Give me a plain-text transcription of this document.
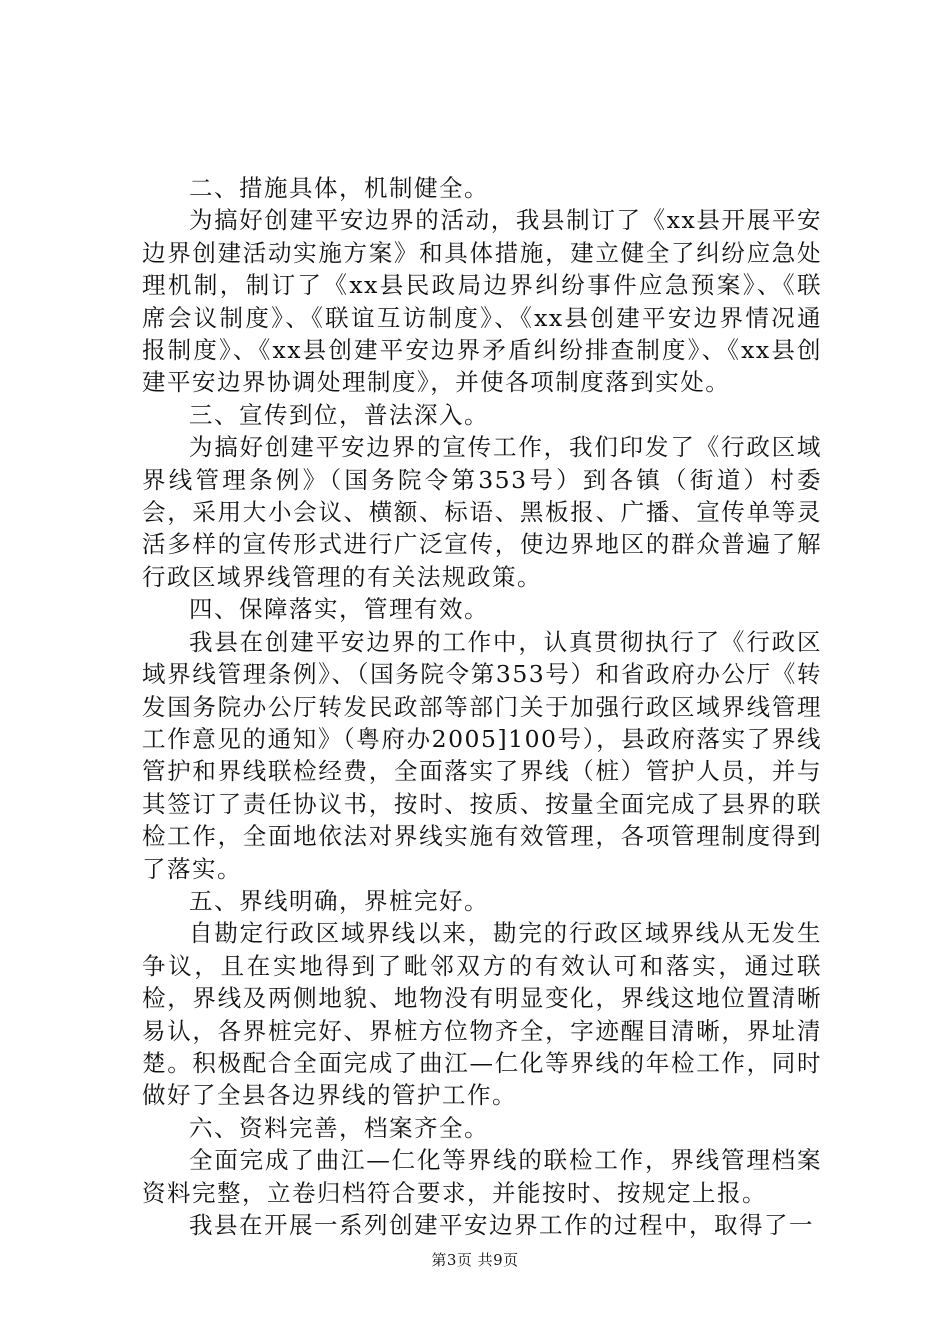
二、措施具体，机制健全。

为搞好创建平安边界的活动，我县制订了《xx县开展平安边界创建活动实施方案》和具体措施，建立健全了纠纷应急处理机制，制订了《xx县民政局边界纠纷事件应急预案》、《联席会议制度》、《联谊互访制度》、《xx县创建平安边界情况通报制度》、《xx县创建平安边界矛盾纠纷排查制度》、《xx县创建平安边界协调处理制度》，并使各项制度落到实处。

三、宣传到位，普法深入。

为搞好创建平安边界的宣传工作，我们印发了《行政区域界线管理条例》（国务院令第353号）到各镇（街道）村委会，采用大小会议、横额、标语、黑板报、广播、宣传单等灵活多样的宣传形式进行广泛宣传，使边界地区的群众普遍了解行政区域界线管理的有关法规政策。

四、保障落实，管理有效。

我县在创建平安边界的工作中，认真贯彻执行了《行政区域界线管理条例》、（国务院令第353号）和省政府办公厅《转发国务院办公厅转发民政部等部门关于加强行政区域界线管理工作意见的通知》（粤府办2005]100号），县政府落实了界线管护和界线联检经费，全面落实了界线（桩）管护人员，并与其签订了责任协议书，按时、按质、按量全面完成了县界的联检工作，全面地依法对界线实施有效管理，各项管理制度得到了落实。

五、界线明确，界桩完好。

自勘定行政区域界线以来，勘完的行政区域界线从无发生争议，且在实地得到了毗邻双方的有效认可和落实，通过联检，界线及两侧地貌、地物没有明显变化，界线这地位置清晰易认，各界桩完好、界桩方位物齐全，字迹醒目清晰，界址清楚。积极配合全面完成了曲江—仁化等界线的年检工作，同时做好了全县各边界线的管护工作。

六、资料完善，档案齐全。

全面完成了曲江—仁化等界线的联检工作，界线管理档案资料完整，立卷归档符合要求，并能按时、按规定上报。

我县在开展一系列创建平安边界工作的过程中，取得了一

第3页 共9页
